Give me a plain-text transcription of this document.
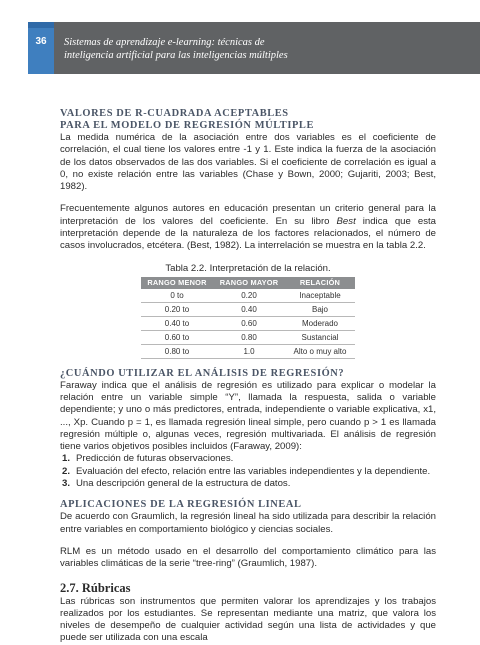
36	Sistemas de aprendizaje e-learning: técnicas de
inteligencia artificial para las inteligencias múltiples
VALORES DE R-CUADRADA ACEPTABLES
PARA EL MODELO DE REGRESIÓN MÚLTIPLE

La medida numérica de la asociación entre dos variables es el coeficiente de correlación, el cual tiene los valores entre -1 y 1. Este indica la fuerza de la asociación de los datos observados de las dos variables. Si el coeficiente de correlación es igual a 0, no existe relación entre las variables (Chase y Bown, 2000; Gujariti, 2003; Best, 1982).

Frecuentemente algunos autores en educación presentan un criterio general para la interpretación de los valores del coeficiente. En su libro Best indica que esta interpretación depende de la naturaleza de los factores relacionados, el número de casos involucrados, etcétera. (Best, 1982). La interrelación se muestra en la tabla 2.2.

Tabla 2.2. Interpretación de la relación.
RANGO MENOR	RANGO MAYOR	RELACIÓN
0 to	0.20	Inaceptable
0.20 to	0.40	Bajo
0.40 to	0.60	Moderado
0.60 to	0.80	Sustancial
0.80 to	1.0	Alto o muy alto
¿CUÁNDO UTILIZAR EL ANÁLISIS DE REGRESIÓN?

Faraway indica que el análisis de regresión es utilizado para explicar o modelar la relación entre un variable simple “Y”, llamada la respuesta, salida o variable dependiente; y uno o más predictores, entrada, independiente o variable explicativa, x1, ..., Xp. Cuando p = 1, es llamada regresión lineal simple, pero cuando p > 1 es llamada regresión múltiple o, algunas veces, regresión multivariada. El análisis de regresión tiene varios objetivos posibles incluidos (Faraway, 2009):

1. Predicción de futuras observaciones.
2. Evaluación del efecto, relación entre las variables independientes y la dependiente.
3. Una descripción general de la estructura de datos.
APLICACIONES DE LA REGRESIÓN LINEAL

De acuerdo con Graumlich, la regresión lineal ha sido utilizada para describir la relación entre variables en comportamiento biológico y ciencias sociales.

RLM es un método usado en el desarrollo del comportamiento climático para las variables climáticas de la serie “tree-ring” (Graumlich, 1987).

2.7. Rúbricas

Las rúbricas son instrumentos que permiten valorar los aprendizajes y los trabajos realizados por los estudiantes. Se representan mediante una matriz, que valora los niveles de desempeño de cualquier actividad según una lista de actividades y que puede ser utilizada con una escala
